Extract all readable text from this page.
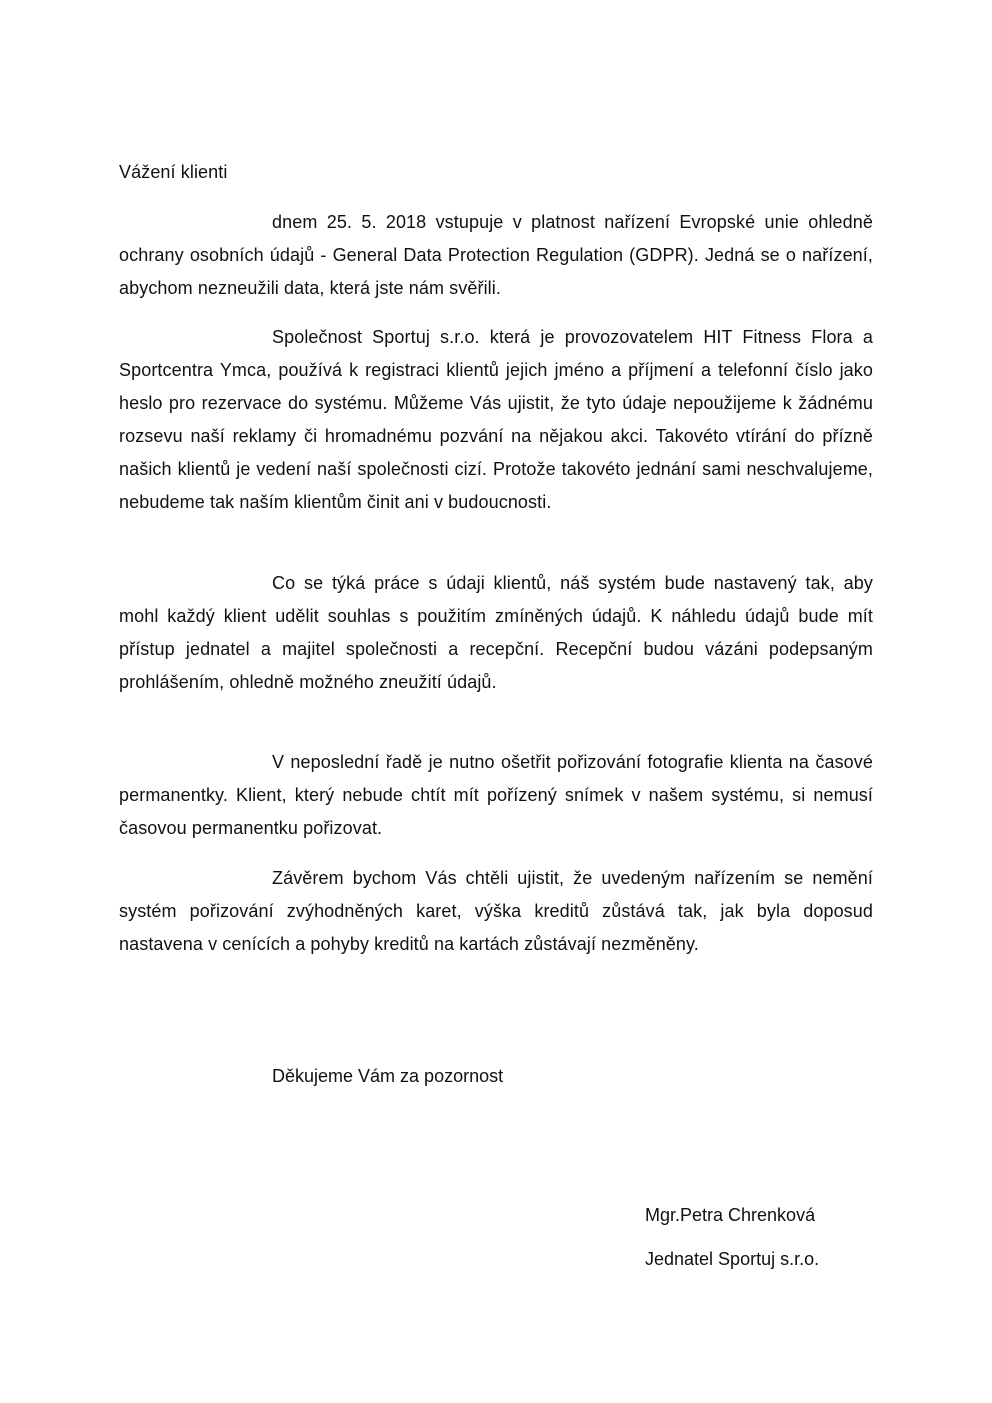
Vážení klienti

dnem 25. 5. 2018 vstupuje v platnost nařízení Evropské unie ohledně ochrany osobních údajů - General Data Protection Regulation (GDPR). Jedná se o nařízení, abychom nezneužili data, která jste nám svěřili.

Společnost Sportuj s.r.o. která je provozovatelem HIT Fitness Flora a Sportcentra Ymca, používá k registraci klientů jejich jméno a příjmení a telefonní číslo jako heslo pro rezervace do systému. Můžeme Vás ujistit, že tyto údaje nepoužijeme k žádnému rozsevu naší reklamy či hromadnému pozvání na nějakou akci. Takovéto vtírání do přízně našich klientů je vedení naší společnosti cizí. Protože takovéto jednání sami neschvalujeme, nebudeme tak naším klientům činit ani v budoucnosti.

Co se týká práce s údaji klientů, náš systém bude nastavený tak, aby mohl každý klient udělit souhlas s použitím zmíněných údajů. K náhledu údajů bude mít přístup jednatel a majitel společnosti a recepční. Recepční budou vázáni podepsaným prohlášením, ohledně možného zneužití údajů.

V neposlední řadě je nutno ošetřit pořizování fotografie klienta na časové permanentky. Klient, který nebude chtít mít pořízený snímek v našem systému, si nemusí časovou permanentku pořizovat.

Závěrem bychom Vás chtěli ujistit, že uvedeným nařízením se nemění systém pořizování zvýhodněných karet, výška kreditů zůstává tak, jak byla doposud nastavena v cenících a pohyby kreditů na kartách zůstávají nezměněny.

Děkujeme Vám za pozornost
Mgr.Petra Chrenková
Jednatel Sportuj s.r.o.
